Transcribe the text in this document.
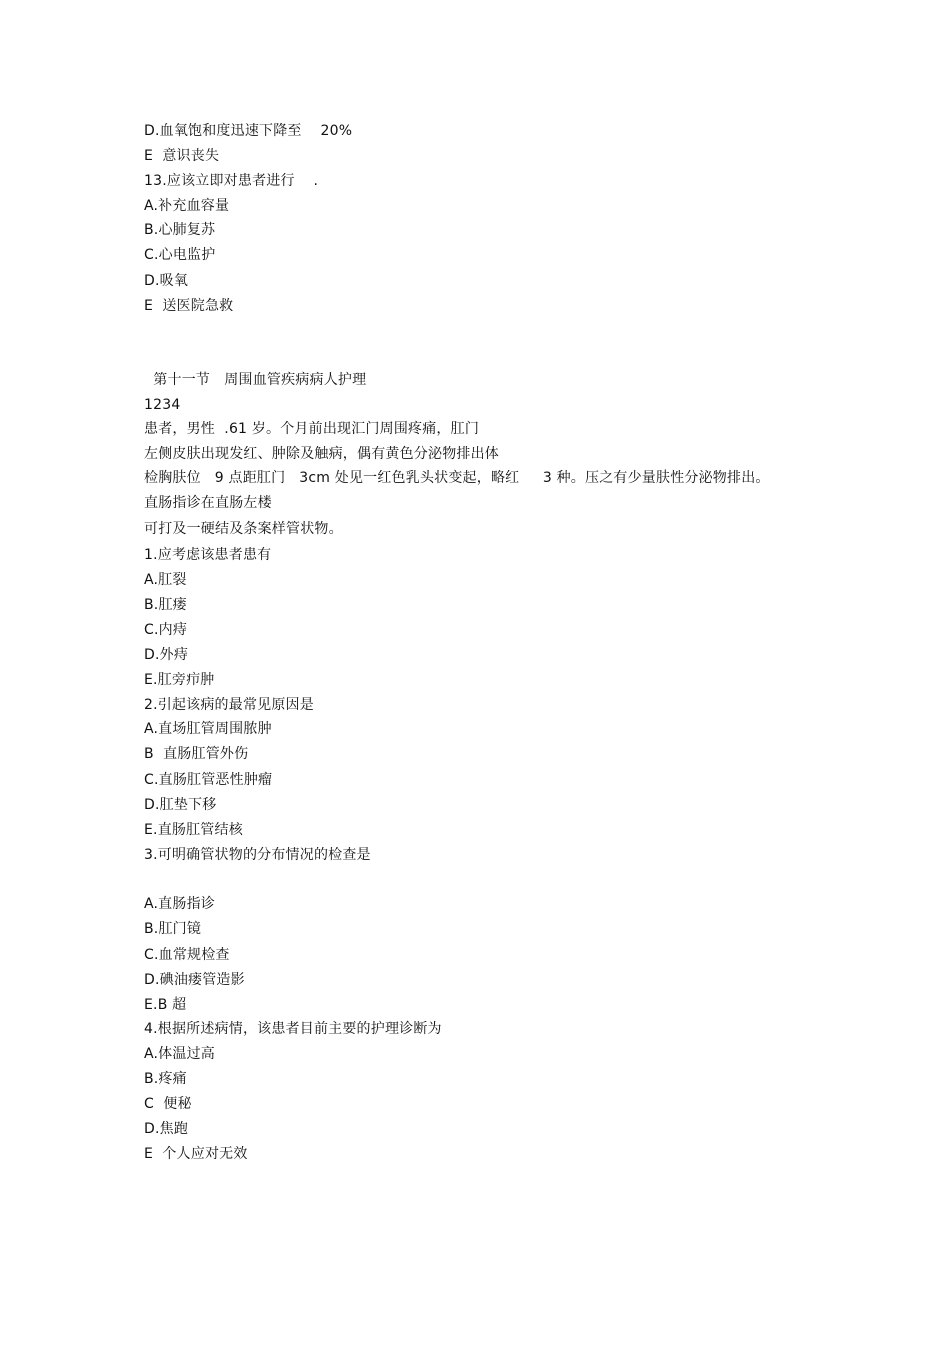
D.血氧饱和度迅速下降至　 20%
E  意识丧失
13.应该立即对患者进行　 .
A.补充血容量
B.心肺复苏
C.心电监护
D.吸氧
E  送医院急救
第十一节　周围血管疾病病人护理
1234
患者，男性  .61 岁。个月前出现汇门周围疼痛，肛门
左侧皮肤出现发红、肿除及触病，偶有黄色分泌物排出体
检胸肤位   9 点距肛门   3cm 处见一红色乳头状变起，略红　  3 种。压之有少量肤性分泌物排出。
直肠指诊在直肠左楼
可打及一硬结及条案样管状物。
1.应考虑该患者患有
A.肛裂
B.肛瘘
C.内痔
D.外痔
E.肛旁疖肿
2.引起该病的最常见原因是
A.直场肛管周围脓肿
B  直肠肛管外伤
C.直肠肛管恶性肿瘤
D.肛垫下移
E.直肠肛管结核
3.可明确管状物的分布情况的检查是
A.直肠指诊
B.肛门镜
C.血常规检查
D.碘油瘘管造影
E.B 超
4.根据所述病情，该患者目前主要的护理诊断为
A.体温过高
B.疼痛
C  便秘
D.焦跑
E  个人应对无效
